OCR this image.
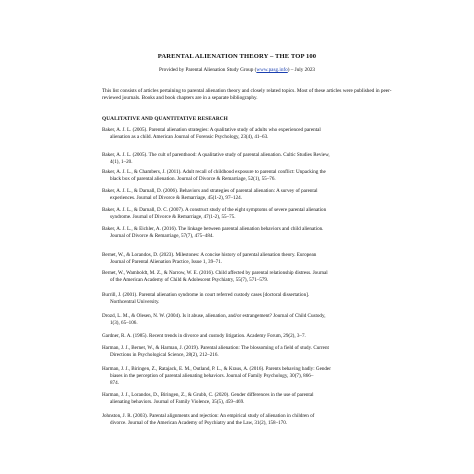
PARENTAL ALIENATION THEORY – THE TOP 100
Provided by Parental Alienation Study Group (www.pasg.info) – July 2023
This list consists of articles pertaining to parental alienation theory and closely related topics. Most of these articles were published in peer-reviewed journals. Books and book chapters are in a separate bibliography.
QUALITATIVE AND QUANTITATIVE RESEARCH
Baker, A. J. L. (2005). Parental alienation strategies: A qualitative study of adults who experienced parental
alienation as a child. American Journal of Forensic Psychology, 23(4), 41–63.
Baker, A. J. L. (2005). The cult of parenthood: A qualitative study of parental alienation. Cultic Studies Review,
4(1), 1–20.
Baker, A. J. L., & Chambers, J. (2011). Adult recall of childhood exposure to parental conflict: Unpacking the
black box of parental alienation. Journal of Divorce & Remarriage, 52(1), 55–76.
Baker, A. J. L., & Darnall, D. (2006). Behaviors and strategies of parental alienation: A survey of parental
experiences. Journal of Divorce & Remarriage, 45(1-2), 97–124.
Baker, A. J. L., & Darnall, D. C. (2007). A construct study of the eight symptoms of severe parental alienation
syndrome. Journal of Divorce & Remarriage, 47(1-2), 55–75.
Baker, A. J. L., & Eichler, A. (2016). The linkage between parental alienation behaviors and child alienation.
Journal of Divorce & Remarriage, 57(7), 475–484.
Bernet, W., & Lorandos, D. (2023). Milestones: A concise history of parental alienation theory. European
Journal of Parental Alienation Practice, Issue 1, 39–71.
Bernet, W., Wamboldt, M. Z., & Narrow, W. E. (2016). Child affected by parental relationship distress. Journal
of the American Academy of Child & Adolescent Psychiatry, 55(7), 571–579.
Burrill, J. (2001). Parental alienation syndrome in court referred custody cases [doctoral dissertation].
Northcentral University.
Drozd, L. M., & Olesen, N. W. (2004). Is it abuse, alienation, and/or estrangement? Journal of Child Custody,
1(3), 65–106.
Gardner, R. A. (1985). Recent trends in divorce and custody litigation. Academy Forum, 29(2), 3–7.
Harman, J. J., Bernet, W., & Harman, J. (2019). Parental alienation: The blossoming of a field of study. Current
Directions in Psychological Science, 28(2), 212–216.
Harman, J. J., Biringen, Z., Ratajack, E. M., Outland, P. L., & Kraus, A. (2016). Parents behaving badly: Gender
biases in the perception of parental alienating behaviors. Journal of Family Psychology, 30(7), 866–
874.
Harman, J. J., Lorandos, D., Biringen, Z., & Grubb, C. (2020). Gender differences in the use of parental
alienating behaviors. Journal of Family Violence, 35(5), 459–469.
Johnston, J. R. (2003). Parental alignments and rejection: An empirical study of alienation in children of
divorce. Journal of the American Academy of Psychiatry and the Law, 31(2), 158–170.
